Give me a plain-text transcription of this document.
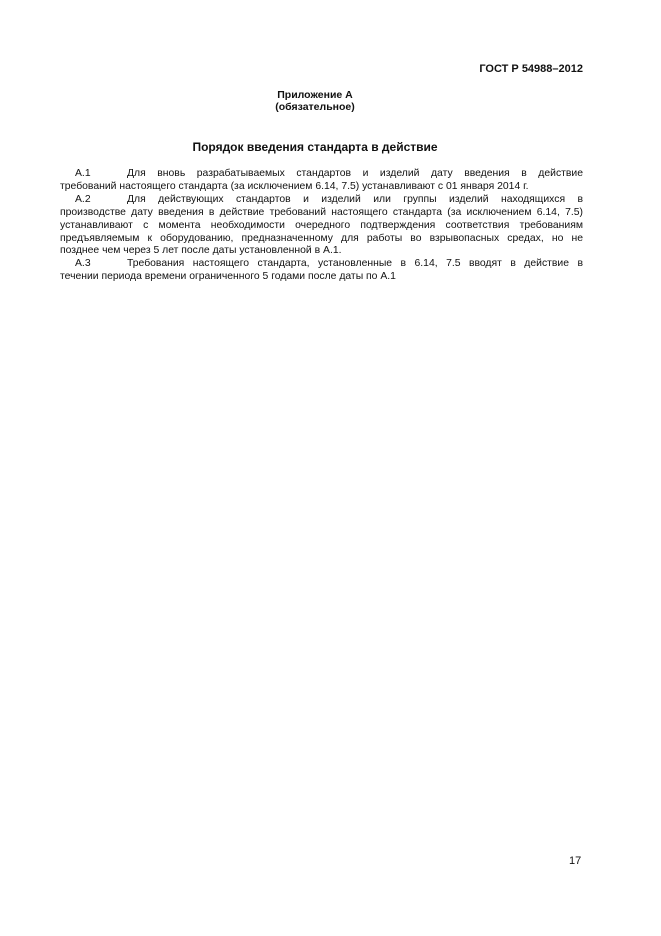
ГОСТ Р 54988–2012
Приложение А
(обязательное)
Порядок введения стандарта в действие
А.1	Для вновь разрабатываемых стандартов и изделий дату введения в действие
требований настоящего стандарта (за исключением 6.14, 7.5) устанавливают с 01 января 2014 г.
А.2	Для действующих стандартов и изделий или группы изделий находящихся в
производстве дату введения в действие требований настоящего стандарта (за исключением 6.14, 7.5)
устанавливают с момента необходимости очередного подтверждения соответствия требованиям
предъявляемым к оборудованию, предназначенному для работы во взрывопасных средах, но не
позднее чем через 5 лет после даты установленной в А.1.
А.3	Требования настоящего стандарта, установленные в 6.14, 7.5 вводят в действие в
течении периода времени ограниченного 5 годами после даты по А.1
17
